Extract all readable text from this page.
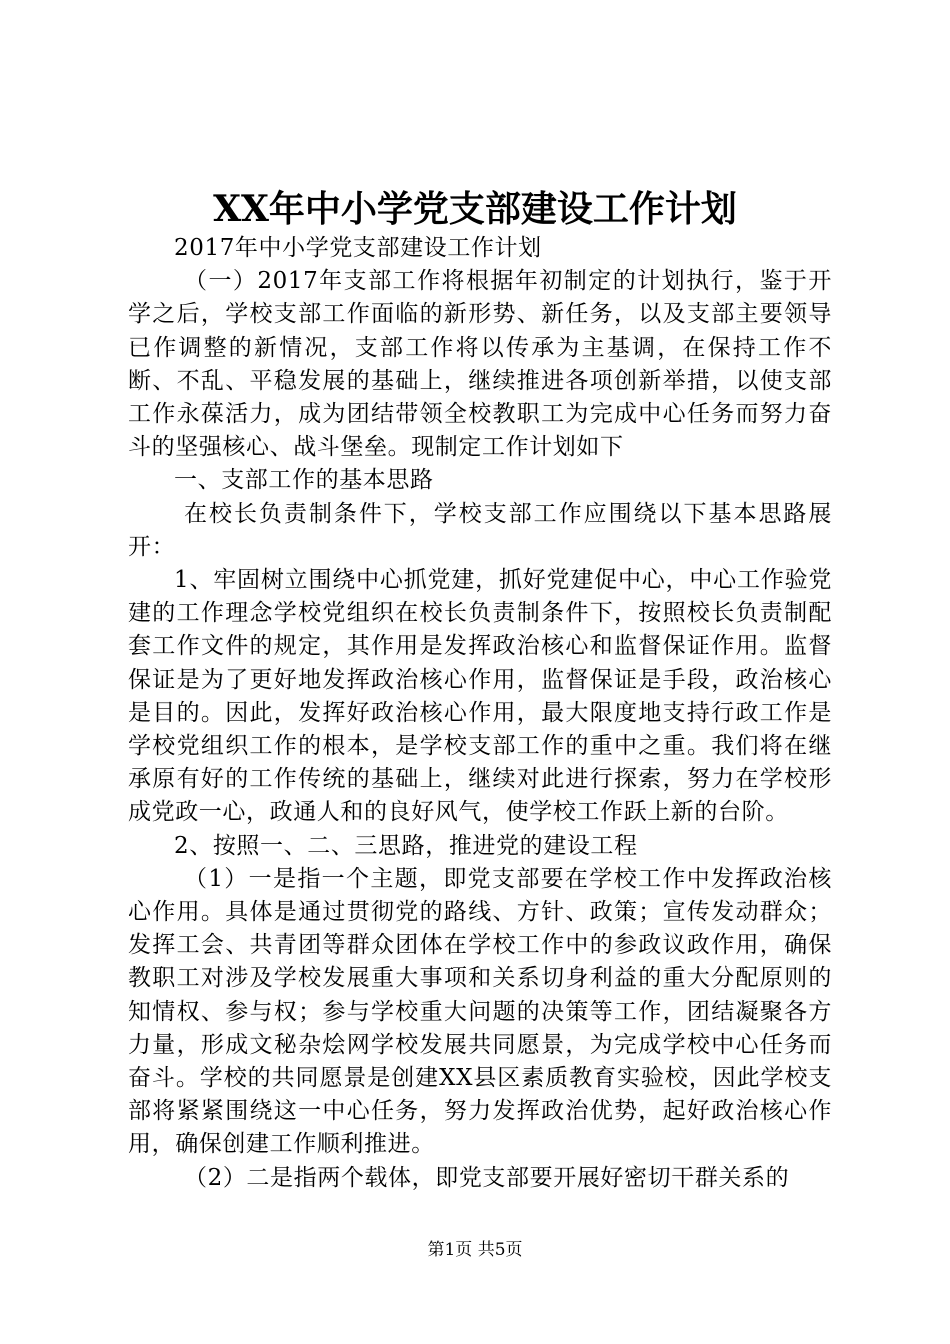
XX年中小学党支部建设工作计划

2017年中小学党支部建设工作计划

（一）2017年支部工作将根据年初制定的计划执行，鉴于开学之后，学校支部工作面临的新形势、新任务，以及支部主要领导已作调整的新情况，支部工作将以传承为主基调，在保持工作不断、不乱、平稳发展的基础上，继续推进各项创新举措，以使支部工作永葆活力，成为团结带领全校教职工为完成中心任务而努力奋斗的坚强核心、战斗堡垒。现制定工作计划如下

一、支部工作的基本思路

在校长负责制条件下，学校支部工作应围绕以下基本思路展开：

1、牢固树立围绕中心抓党建，抓好党建促中心，中心工作验党建的工作理念学校党组织在校长负责制条件下，按照校长负责制配套工作文件的规定，其作用是发挥政治核心和监督保证作用。监督保证是为了更好地发挥政治核心作用，监督保证是手段，政治核心是目的。因此，发挥好政治核心作用，最大限度地支持行政工作是学校党组织工作的根本，是学校支部工作的重中之重。我们将在继承原有好的工作传统的基础上，继续对此进行探索，努力在学校形成党政一心，政通人和的良好风气，使学校工作跃上新的台阶。

2、按照一、二、三思路，推进党的建设工程

（1）一是指一个主题，即党支部要在学校工作中发挥政治核心作用。具体是通过贯彻党的路线、方针、政策；宣传发动群众；发挥工会、共青团等群众团体在学校工作中的参政议政作用，确保教职工对涉及学校发展重大事项和关系切身利益的重大分配原则的知情权、参与权；参与学校重大问题的决策等工作，团结凝聚各方力量，形成文秘杂烩网学校发展共同愿景，为完成学校中心任务而奋斗。学校的共同愿景是创建XX县区素质教育实验校，因此学校支部将紧紧围绕这一中心任务，努力发挥政治优势，起好政治核心作用，确保创建工作顺利推进。

（2）二是指两个载体，即党支部要开展好密切干群关系的

第1页 共5页
